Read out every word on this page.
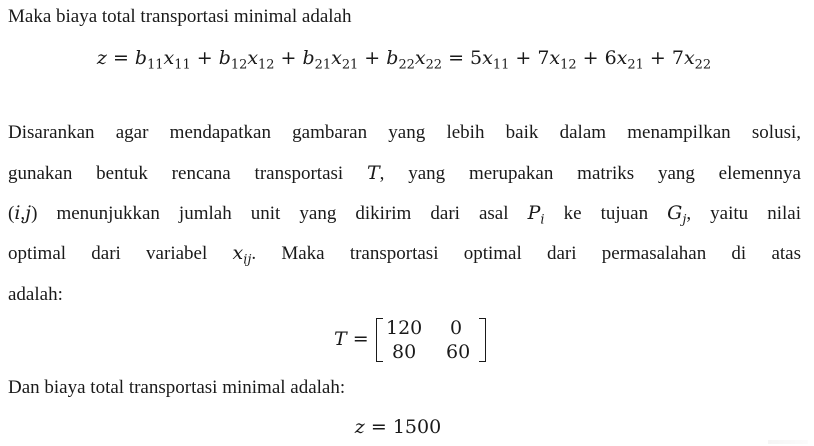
Maka biaya total transportasi minimal adalah
$z = b_{11}x_{11} + b_{12}x_{12} + b_{21}x_{21} + b_{22}x_{22} = 5x_{11} + 7x_{12} + 6x_{21} + 7x_{22}$
Disarankan agar mendapatkan gambaran yang lebih baik dalam menampilkan solusi,
gunakan bentuk rencana transportasi T, yang merupakan matriks yang elemennya
(i,j) menunjukkan jumlah unit yang dikirim dari asal $P_i$ ke tujuan $G_j$, yaitu nilai
optimal dari variabel $x_{ij}$. Maka transportasi optimal dari permasalahan di atas
adalah:
T = 120 0
80 60
Dan biaya total transportasi minimal adalah:
z = 1500
